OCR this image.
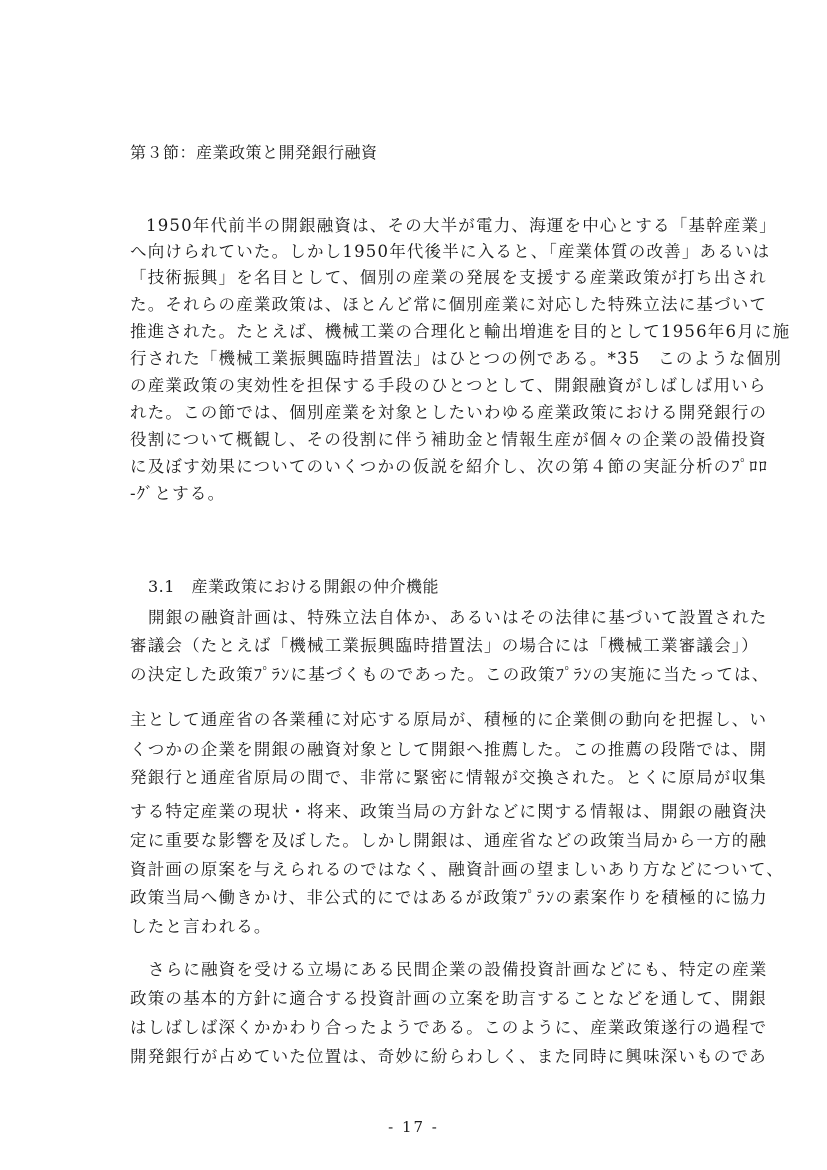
第３節：産業政策と開発銀行融資
1950年代前半の開銀融資は、その大半が電力、海運を中心とする「基幹産業」
へ向けられていた。しかし1950年代後半に入ると、「産業体質の改善」あるいは
「技術振興」を名目として、個別の産業の発展を支援する産業政策が打ち出され
た。それらの産業政策は、ほとんど常に個別産業に対応した特殊立法に基づいて
推進された。たとえば、機械工業の合理化と輸出増進を目的として1956年6月に施
行された「機械工業振興臨時措置法」はひとつの例である。*35　このような個別
の産業政策の実効性を担保する手段のひとつとして、開銀融資がしばしば用いら
れた。この節では、個別産業を対象としたいわゆる産業政策における開発銀行の
役割について概観し、その役割に伴う補助金と情報生産が個々の企業の設備投資
に及ぼす効果についてのいくつかの仮説を紹介し、次の第４節の実証分析のﾌﾟﾛﾛ
-ｸﾞとする。
3.1　産業政策における開銀の仲介機能
開銀の融資計画は、特殊立法自体か、あるいはその法律に基づいて設置された
審議会（たとえば「機械工業振興臨時措置法」の場合には「機械工業審議会」）
の決定した政策ﾌﾟﾗﾝに基づくものであった。この政策ﾌﾟﾗﾝの実施に当たっては、
主として通産省の各業種に対応する原局が、積極的に企業側の動向を把握し、い
くつかの企業を開銀の融資対象として開銀へ推薦した。この推薦の段階では、開
発銀行と通産省原局の間で、非常に緊密に情報が交換された。とくに原局が収集
する特定産業の現状・将来、政策当局の方針などに関する情報は、開銀の融資決
定に重要な影響を及ぼした。しかし開銀は、通産省などの政策当局から一方的融
資計画の原案を与えられるのではなく、融資計画の望ましいあり方などについて、
政策当局へ働きかけ、非公式的にではあるが政策ﾌﾟﾗﾝの素案作りを積極的に協力
したと言われる。
さらに融資を受ける立場にある民間企業の設備投資計画などにも、特定の産業
政策の基本的方針に適合する投資計画の立案を助言することなどを通して、開銀
はしばしば深くかかわり合ったようである。このように、産業政策遂行の過程で
開発銀行が占めていた位置は、奇妙に紛らわしく、また同時に興味深いものであ
- 17 -
